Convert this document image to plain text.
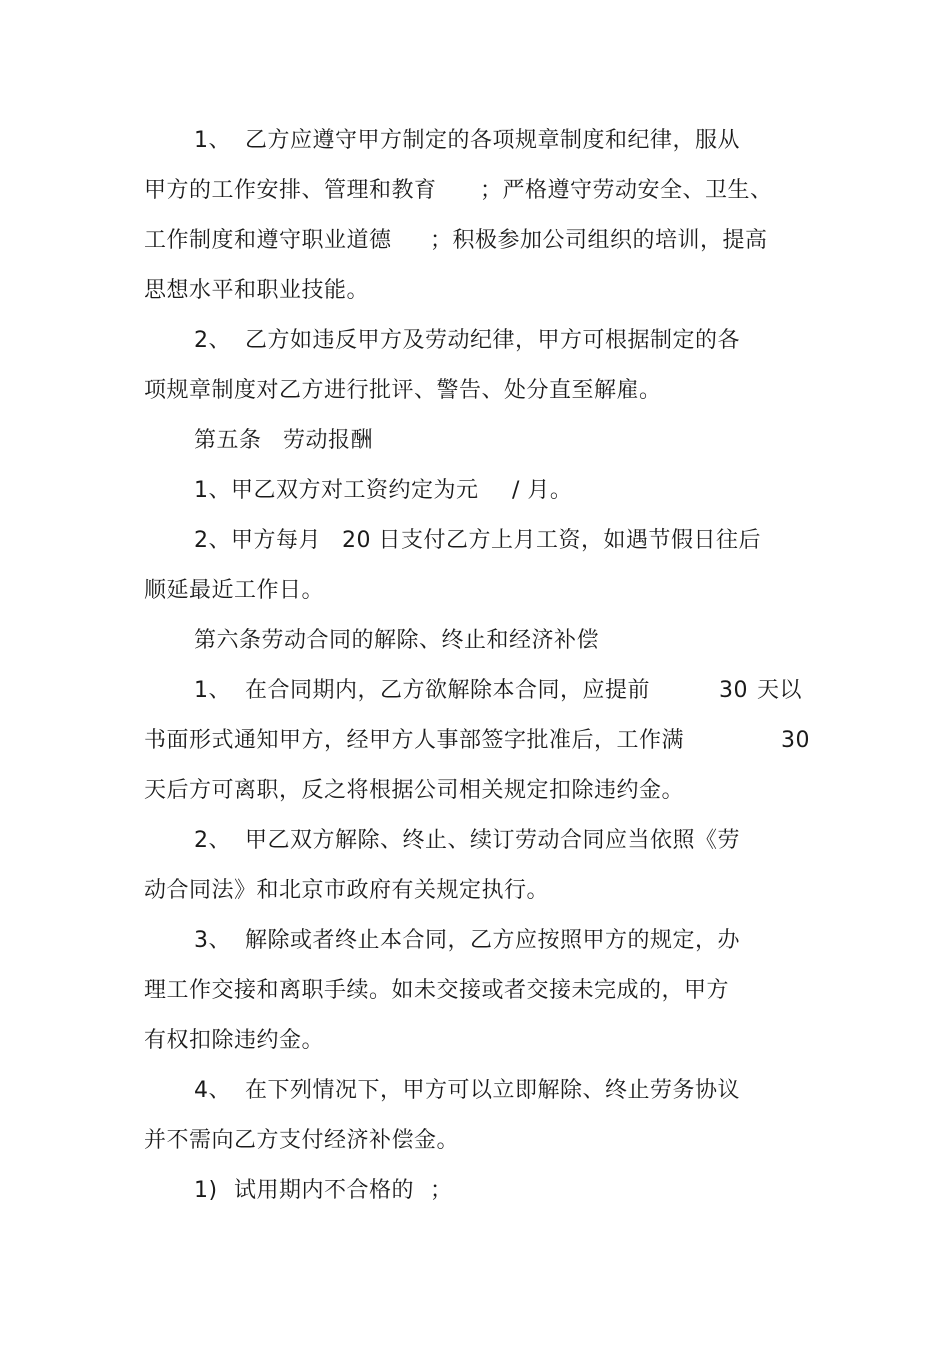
1、 乙方应遵守甲方制定的各项规章制度和纪律，服从
甲方的工作安排、管理和教育 ；严格遵守劳动安全、卫生、
工作制度和遵守职业道德 ；积极参加公司组织的培训，提高
思想水平和职业技能。
2、 乙方如违反甲方及劳动纪律，甲方可根据制定的各
项规章制度对乙方进行批评、警告、处分直至解雇。
第五条 劳动报酬
1、甲乙双方对工资约定为元 / 月。
2、甲方每月 20 日支付乙方上月工资，如遇节假日往后
顺延最近工作日。
第六条劳动合同的解除、终止和经济补偿
1、 在合同期内，乙方欲解除本合同，应提前	30 天以
书面形式通知甲方，经甲方人事部签字批准后，工作满	30
天后方可离职，反之将根据公司相关规定扣除违约金。
2、 甲乙双方解除、终止、续订劳动合同应当依照《劳
动合同法》和北京市政府有关规定执行。
3、 解除或者终止本合同，乙方应按照甲方的规定，办
理工作交接和离职手续。如未交接或者交接未完成的，甲方
有权扣除违约金。
4、 在下列情况下，甲方可以立即解除、终止劳务协议
并不需向乙方支付经济补偿金。
1) 试用期内不合格的 ；
